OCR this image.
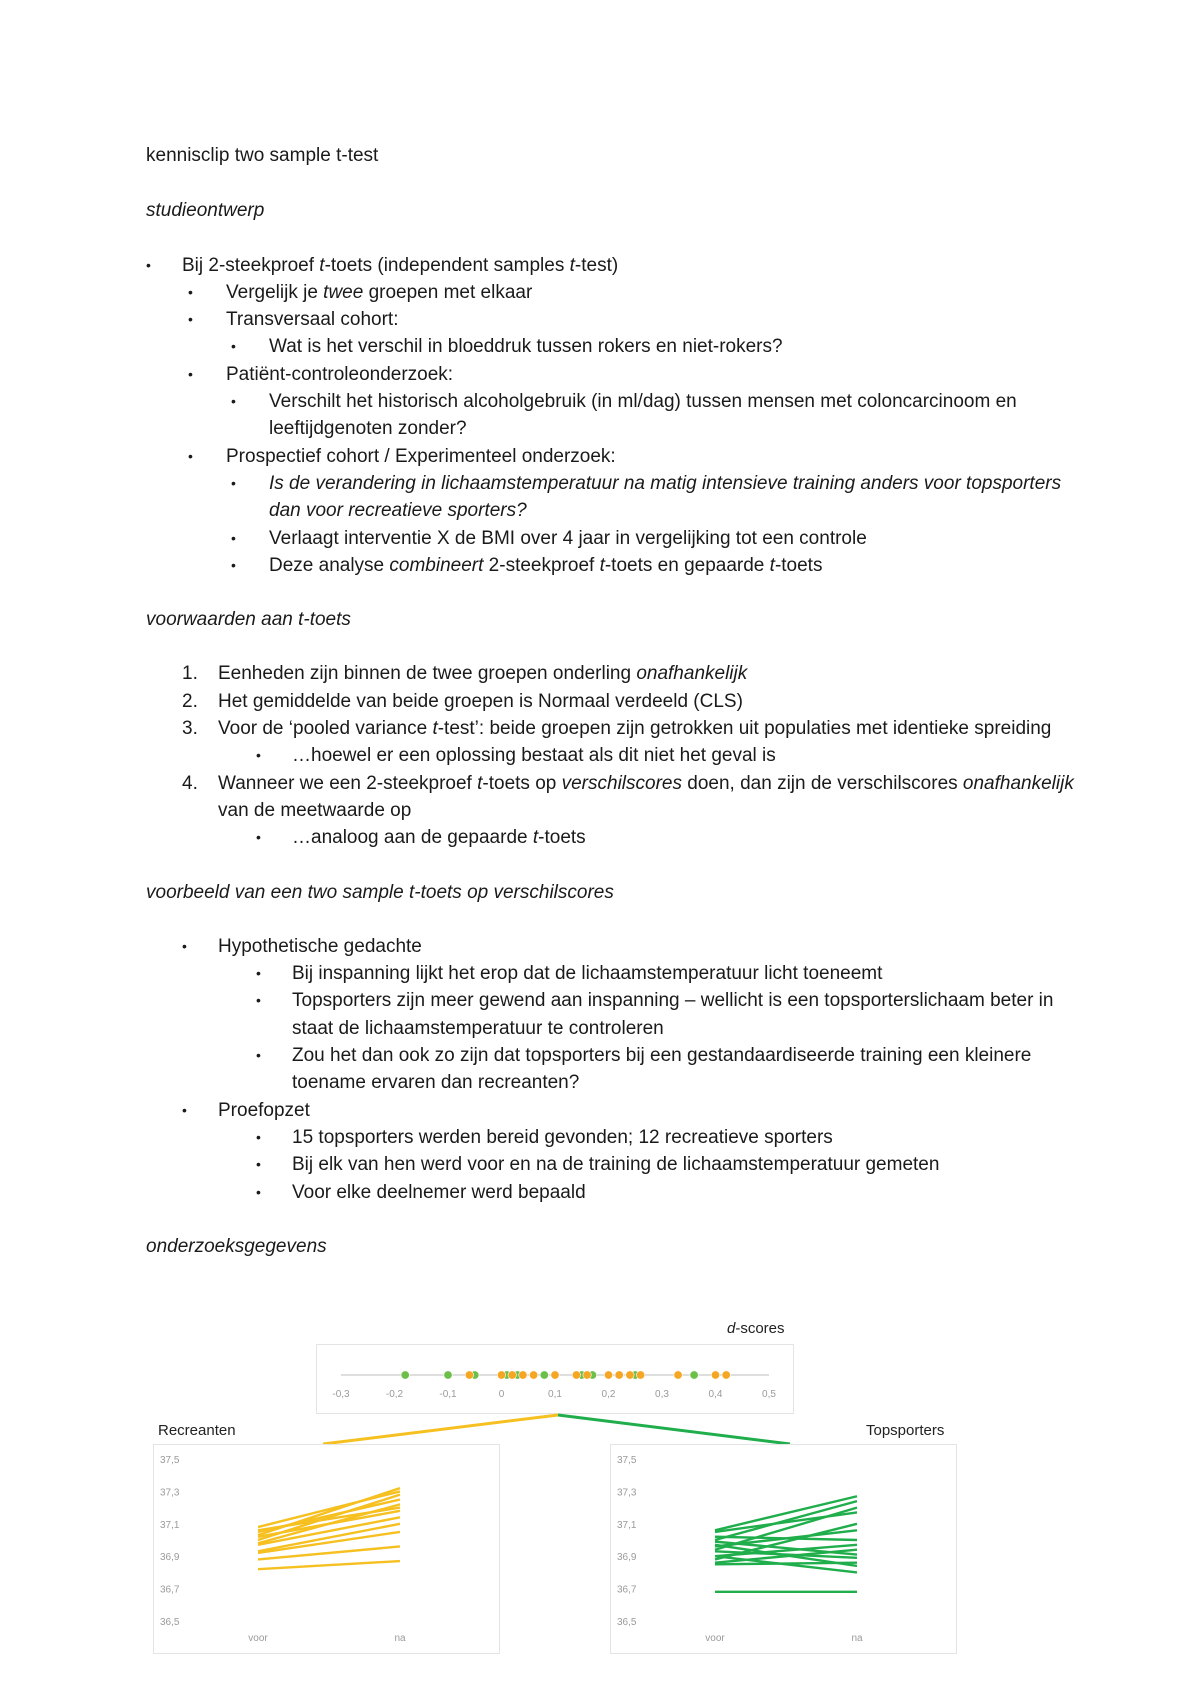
kennisclip two sample t-test
studieontwerp
• Bij 2-steekproef t-toets (independent samples t-test)
• Vergelijk je twee groepen met elkaar
• Transversaal cohort:
• Wat is het verschil in bloeddruk tussen rokers en niet-rokers?
• Patiënt-controleonderzoek:
• Verschilt het historisch alcoholgebruik (in ml/dag) tussen mensen met coloncarcinoom en leeftijdgenoten zonder?
• Prospectief cohort / Experimenteel onderzoek:
• Is de verandering in lichaamstemperatuur na matig intensieve training anders voor topsporters dan voor recreatieve sporters?
• Verlaagt interventie X de BMI over 4 jaar in vergelijking tot een controle
• Deze analyse combineert 2-steekproef t-toets en gepaarde t-toets
voorwaarden aan t-toets
1. Eenheden zijn binnen de twee groepen onderling onafhankelijk
2. Het gemiddelde van beide groepen is Normaal verdeeld (CLS)
3. Voor de ‘pooled variance t-test’: beide groepen zijn getrokken uit populaties met identieke spreiding
• …hoewel er een oplossing bestaat als dit niet het geval is
4. Wanneer we een 2-steekproef t-toets op verschilscores doen, dan zijn de verschilscores onafhankelijk van de meetwaarde op
• …analoog aan de gepaarde t-toets
voorbeeld van een two sample t-toets op verschilscores
• Hypothetische gedachte
• Bij inspanning lijkt het erop dat de lichaamstemperatuur licht toeneemt
• Topsporters zijn meer gewend aan inspanning – wellicht is een topsporterslichaam beter in staat de lichaamstemperatuur te controleren
• Zou het dan ook zo zijn dat topsporters bij een gestandaardiseerde training een kleinere toename ervaren dan recreanten?
• Proefopzet
• 15 topsporters werden bereid gevonden; 12 recreatieve sporters
• Bij elk van hen werd voor en na de training de lichaamstemperatuur gemeten
• Voor elke deelnemer werd bepaald
onderzoeksgegevens
d-scores
-0,3	-0,2	-0,1	0	0,1	0,2	0,3	0,4	0,5
Recreanten
37,5
37,3
37,1
36,9
36,7
36,5
voor	na
Topsporters
37,5
37,3
37,1
36,9
36,7
36,5
voor	na
